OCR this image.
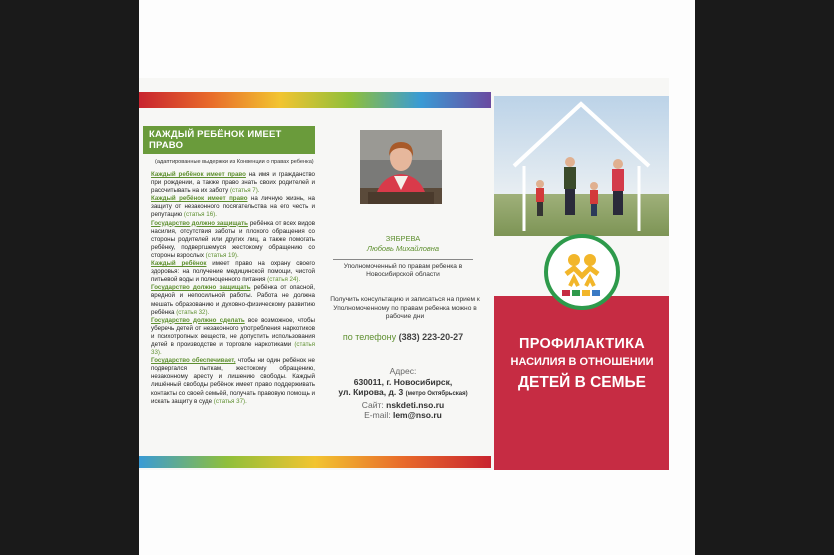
КАЖДЫЙ РЕБЁНОК ИМЕЕТ ПРАВО
(адаптированные выдержки из Конвенции о правах ребенка)

Каждый ребёнок имеет право на имя и гражданство при рождении, а также право знать своих родителей и рассчитывать на их заботу (статья 7).

Каждый ребёнок имеет право на личную жизнь, на защиту от незаконного посягательства на его честь и репутацию (статья 16).

Государство должно защищать ребёнка от всех видов насилия, отсутствия заботы и плохого обращения со стороны родителей или других лиц, а также помогать ребёнку, подвергшемуся жестокому обращению со стороны взрослых (статья 19).

Каждый ребёнок имеет право на охрану своего здоровья: на получение медицинской помощи, чистой питьевой воды и полноценного питания (статья 24).

Государство должно защищать ребёнка от опасной, вредной и непосильной работы. Работа не должна мешать образованию и духовно-физическому развитию ребёнка (статья 32).

Государство должно сделать все возможное, чтобы уберечь детей от незаконного употребления наркотиков и психотропных веществ, не допустить использования детей в производстве и торговле наркотиками (статья 33).

Государство обеспечивает, чтобы ни один ребёнок не подвергался пыткам, жестокому обращению, незаконному аресту и лишению свободы. Каждый лишённый свободы ребёнок имеет право поддерживать контакты со своей семьёй, получать правовую помощь и искать защиту в суде (статья 37).

ЗЯБРЕВА
Любовь Михайловна
Уполномоченный по правам ребенка в Новосибирской области
Получить консультацию и записаться на прием к Уполномоченному по правам ребенка можно в рабочие дни
по телефону (383) 223-20-27
Адрес:
630011, г. Новосибирск,
ул. Кирова, д. 3 (метро Октябрьская)
Сайт: nskdeti.nso.ru
E-mail: lem@nso.ru
ПРОФИЛАКТИКА
НАСИЛИЯ В ОТНОШЕНИИ
ДЕТЕЙ В СЕМЬЕ
